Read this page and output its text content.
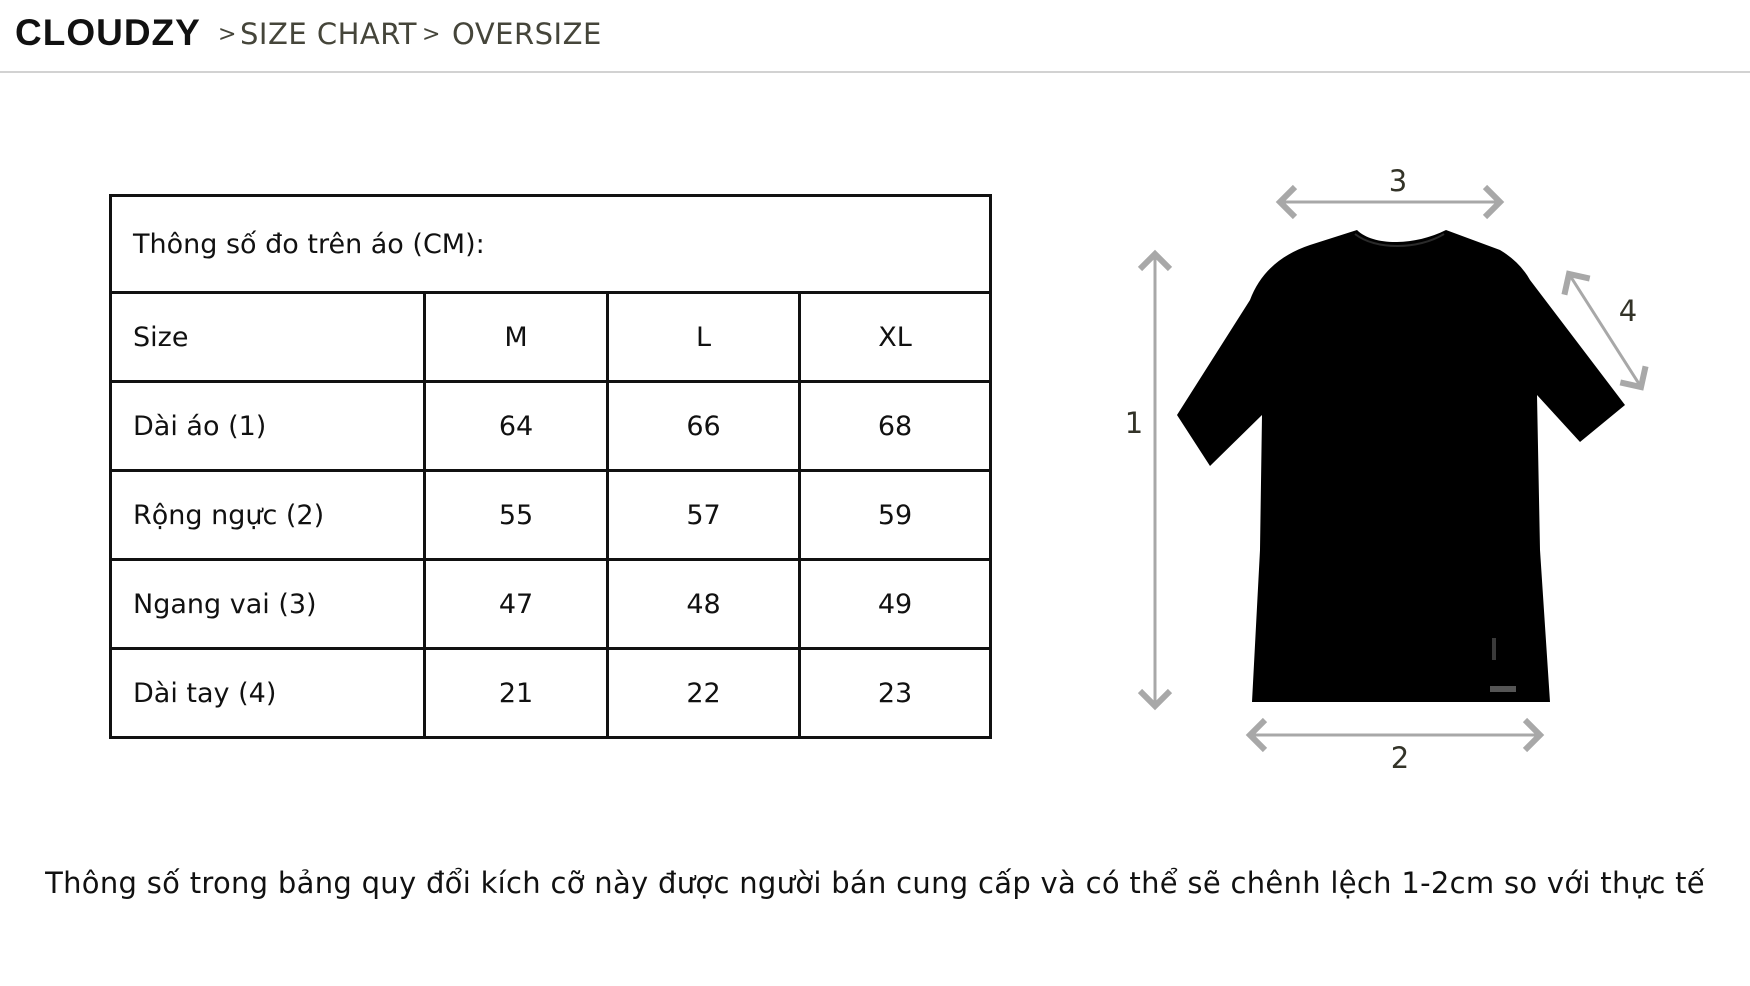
CLOUDZY > SIZE CHART > OVERSIZE
Thông số đo trên áo (CM):			
Size	M	L	XL
Dài áo (1)	64	66	68
Rộng ngực (2)	55	57	59
Ngang vai (3)	47	48	49
Dài tay (4)	21	22	23
1
2
3
4
Thông số trong bảng quy đổi kích cỡ này được người bán cung cấp và có thể sẽ chênh lệch 1-2cm so với thực tế
